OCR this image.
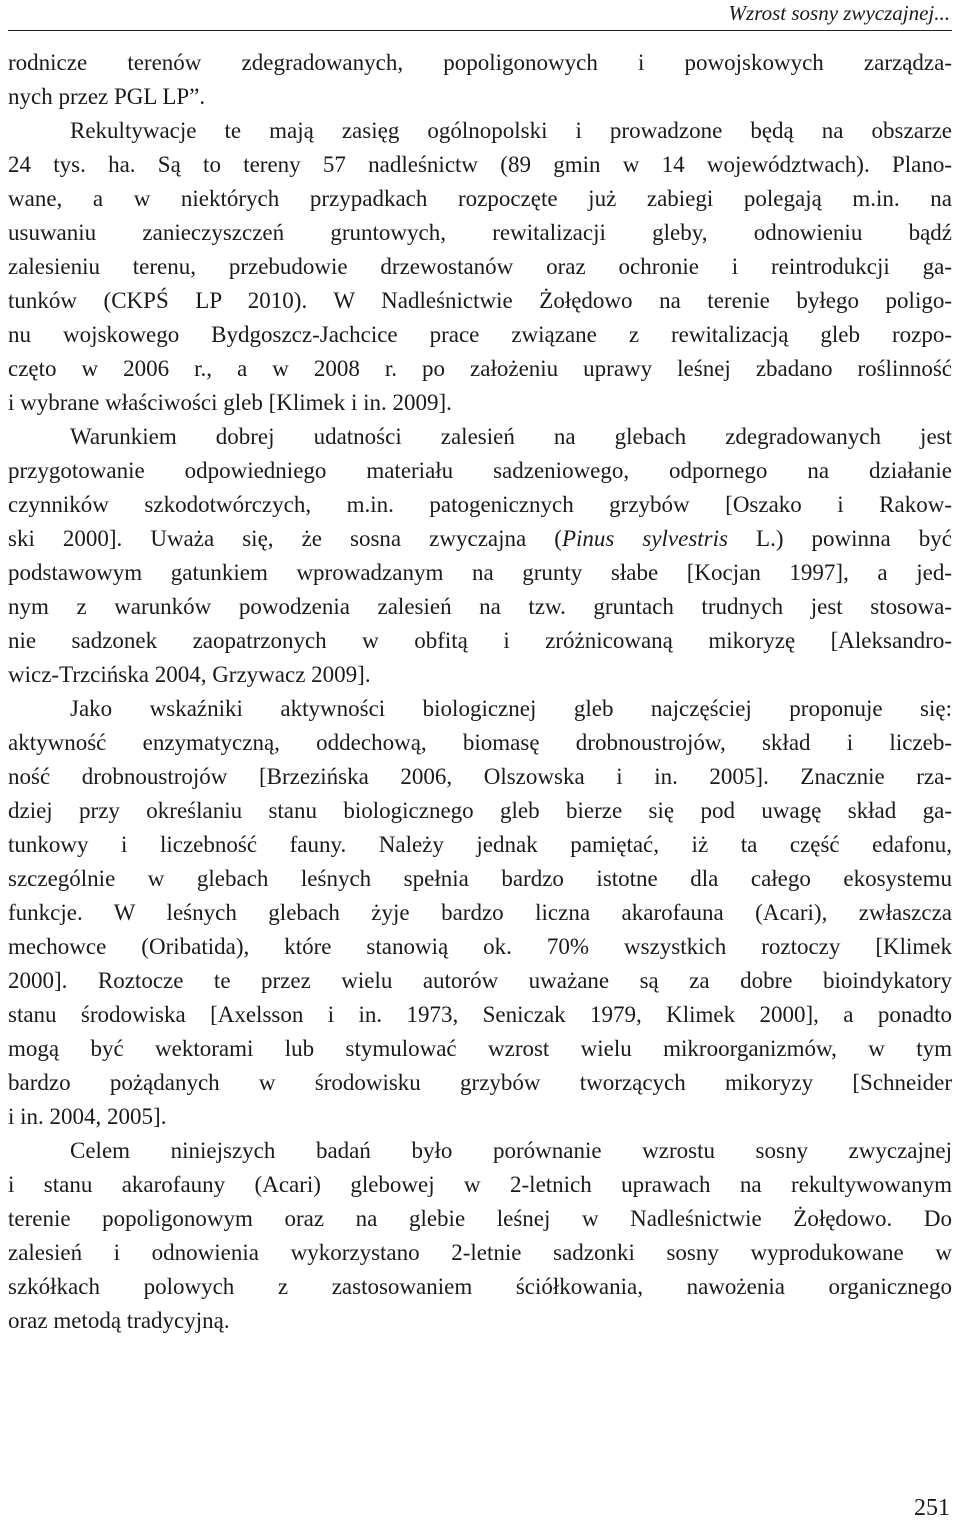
Wzrost sosny zwyczajnej...
rodnicze terenów zdegradowanych, popoligonowych i powojskowych zarządza-
nych przez PGL LP”.
Rekultywacje te mają zasięg ogólnopolski i prowadzone będą na obszarze
24 tys. ha. Są to tereny 57 nadleśnictw (89 gmin w 14 województwach). Plano-
wane, a w niektórych przypadkach rozpoczęte już zabiegi polegają m.in. na
usuwaniu zanieczyszczeń gruntowych, rewitalizacji gleby, odnowieniu bądź
zalesieniu terenu, przebudowie drzewostanów oraz ochronie i reintrodukcji ga-
tunków (CKPŚ LP 2010). W Nadleśnictwie Żołędowo na terenie byłego poligo-
nu wojskowego Bydgoszcz-Jachcice prace związane z rewitalizacją gleb rozpo-
częto w 2006 r., a w 2008 r. po założeniu uprawy leśnej zbadano roślinność
i wybrane właściwości gleb [Klimek i in. 2009].
Warunkiem dobrej udatności zalesień na glebach zdegradowanych jest
przygotowanie odpowiedniego materiału sadzeniowego, odpornego na działanie
czynników szkodotwórczych, m.in. patogenicznych grzybów [Oszako i Rakow-
ski 2000]. Uważa się, że sosna zwyczajna (Pinus sylvestris L.) powinna być
podstawowym gatunkiem wprowadzanym na grunty słabe [Kocjan 1997], a jed-
nym z warunków powodzenia zalesień na tzw. gruntach trudnych jest stosowa-
nie sadzonek zaopatrzonych w obfitą i zróżnicowaną mikoryzę [Aleksandro-
wicz-Trzcińska 2004, Grzywacz 2009].
Jako wskaźniki aktywności biologicznej gleb najczęściej proponuje się:
aktywność enzymatyczną, oddechową, biomasę drobnoustrojów, skład i liczeb-
ność drobnoustrojów [Brzezińska 2006, Olszowska i in. 2005]. Znacznie rza-
dziej przy określaniu stanu biologicznego gleb bierze się pod uwagę skład ga-
tunkowy i liczebność fauny. Należy jednak pamiętać, iż ta część edafonu,
szczególnie w glebach leśnych spełnia bardzo istotne dla całego ekosystemu
funkcje. W leśnych glebach żyje bardzo liczna akarofauna (Acari), zwłaszcza
mechowce (Oribatida), które stanowią ok. 70% wszystkich roztoczy [Klimek
2000]. Roztocze te przez wielu autorów uważane są za dobre bioindykatory
stanu środowiska [Axelsson i in. 1973, Seniczak 1979, Klimek 2000], a ponadto
mogą być wektorami lub stymulować wzrost wielu mikroorganizmów, w tym
bardzo pożądanych w środowisku grzybów tworzących mikoryzy [Schneider
i in. 2004, 2005].
Celem niniejszych badań było porównanie wzrostu sosny zwyczajnej
i stanu akarofauny (Acari) glebowej w 2-letnich uprawach na rekultywowanym
terenie popoligonowym oraz na glebie leśnej w Nadleśnictwie Żołędowo. Do
zalesień i odnowienia wykorzystano 2-letnie sadzonki sosny wyprodukowane w
szkółkach polowych z zastosowaniem ściółkowania, nawożenia organicznego
oraz metodą tradycyjną.
251
